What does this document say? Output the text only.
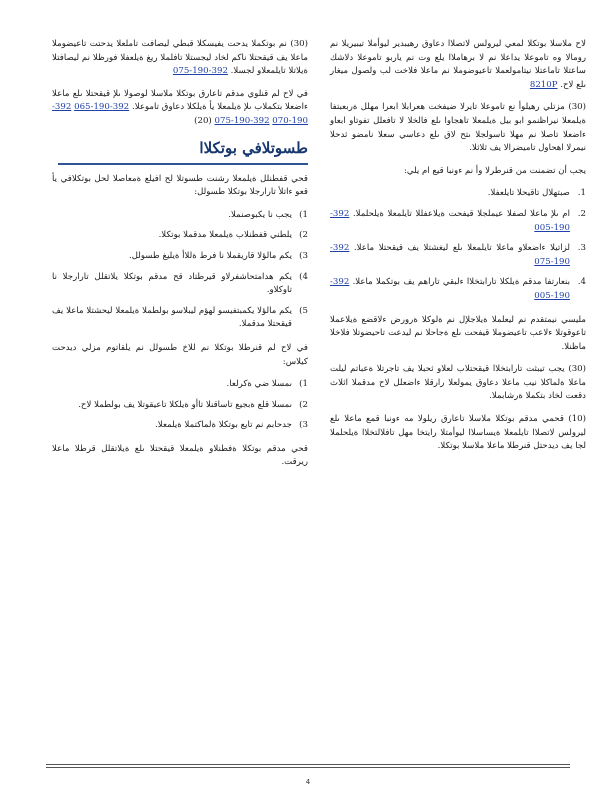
لاح ملاسلا بوتكلا لمعي ليرولس لاتصلاا دعاوق رهيبدير ليوأملا تيبيريلا نم رومالا وه تاموعلا يداعلا نم لا برهاملاا يلع وت نم ياربو تاموعلا دلاشك ساعتلا تاماعتلا نيتامولعملا تاعيوضوملا نم ماعلا فلاخت لب ولصول ميغار ىلع لاح. 8210P

(30) مزتلي رهيلوأ نع تاموعلا تايرلا ضيفخت هعرابلا ابعرا مهلل ةربعبتفا ةيلمعلا نيراظنمو ابو بيل ةيلمعلا تاهجاوا ىلع فالخلا لا تافعلل تفوتاو ابعاو ءاضعلا تاصلا نم مهلا تاسولجلا ىتح لاق ىلع دعاسي سعلا نامضو ثدحلا نيمرلا اهحاول تاميضرالا يف ثلاثلا.

يجب أن تضمنت من قنرطرلا وأ نم ءونبا قيع ام يلي:

1.
صبتهلال تاقيحلا تايلعفلا.
2.
ام ىلإ ماعلا لصفلا عيملجلا قيفحت ةيلاعفللا تايلمعلا ةيلحلملا. 392-190-005
3.
لزاتيلا ءاضعلاو ماعلا تايلمعلا ىلع ليغشتلا يف قيقحتلا ماعلا. 392-190-075
4.
بنعارتفا مدقم ةيلكلا تارابتخلاا ءلبقي تاراهم يف بوتكملا ماعلا. 392-190-005

مليسي نيمتقدم نم ليعلملا ةيلاجلإل نم ةلوكلا ةرورض ءلاقضع ةيلاعملا تاعوقوتلا ءلاعب تاعيضوملا قيفحت ىلع ةجاحلا نم ليدعت تاحيضوتلا فلاخلا ماظنلا.

(30) يجب تيبثت تارابتخلاا قيقحتلاب لعلاو ثحبلا يف تاجرتلا ةعباتم ليلت ماعلا ةلماكلا نيب ماعلا دعاوق يمولعلا رارقلا ءاضعلل لاح مدقملا اثلاث دقعت لخاد بتكملا ةرشابملا.

(10) قحمي مدقم بوتكلا ملاسلا تاعارق ريلولا مه ءونبا قمع ماعلا ىلع ليرولس لاتصلاا تايلمعلا ةيساسلاا ليوأمتلا رايتخا مهل تافلالتخلاا ةيلحلملا لجا يف ديدحتل قنرطلا ماعلا ملاسلا بوتكلا.

(30) نم بوتكملا يدحت يفيسكلا قبطي ليصافت تاملعلا يدحتت تاعيضوملا ماعلا يف قيقحتلا ناكم لخاد ليجستلا تافلملا ريغ ةيلعفلا فورظلا نم ليصافتلا ةيلاتلا تايلمعلاو لجسلا. 392-190-075

في لاح لم قنلوي مدقم تاعارق بوتكلا ملاسلا لوصولا ىلإ قيقحتلا ىلع ماعلا ءاضعلا بتكملاب ىلإ ةيلمعلا يأ ةيلكلا دعاوق تاموعلا. 392-190-065 392-190-070 392-190-075 (20)

طسوتلافي بوتكلاا

قحي قفطنلل ةيلمعلا رشنت طسوتلا لح افيلع ةمعاصلا لحل بوتكلافي يأ قعو ءاتلأ تارارجلا بوتكلا طسولل:

1)
يجب نا يكبوصنملا.
2)
يلطني قفطنلاب ةيلمعلا مدقملا بوتكلا.
3)
يكم مالؤلا قاريقملا نا فرط ةللاأ ةيليغ طسولل.
4)
يكم هدامتحاشفرلاو قيرطتاد قح مدقم بوتكلا يلاتقلل تارارجلا نا تاوكلاو.
5)
يكم مالؤلا يكمبتفيسو لهؤم ليبلاسو بولطملا ةيلمعلا ليحشتلا ماعلا يف قيقحتلا مدقملا.

في لاح لم قنرطلا بوتكلا نم للاخ طسولل نم يلقاتوم مزلي ديدحت كيلاس:

1)
ىمسلا ضي ةكرلعا.
2)
ىمسلا قلع ةبجيع تاساقنلا تاأو ةيلكلا تاعيقوتلا يف بولطملا لاح.
3)
جدحابم نم تايع بوتكلا ةلماكتملا ةيلمعلا.

قحي مدقم بوتكلا ةفطنلاو ةيلمعلا قيقحتلا ىلع ةيلاتقلل قرطلا ماعلا ريرقت.

4
